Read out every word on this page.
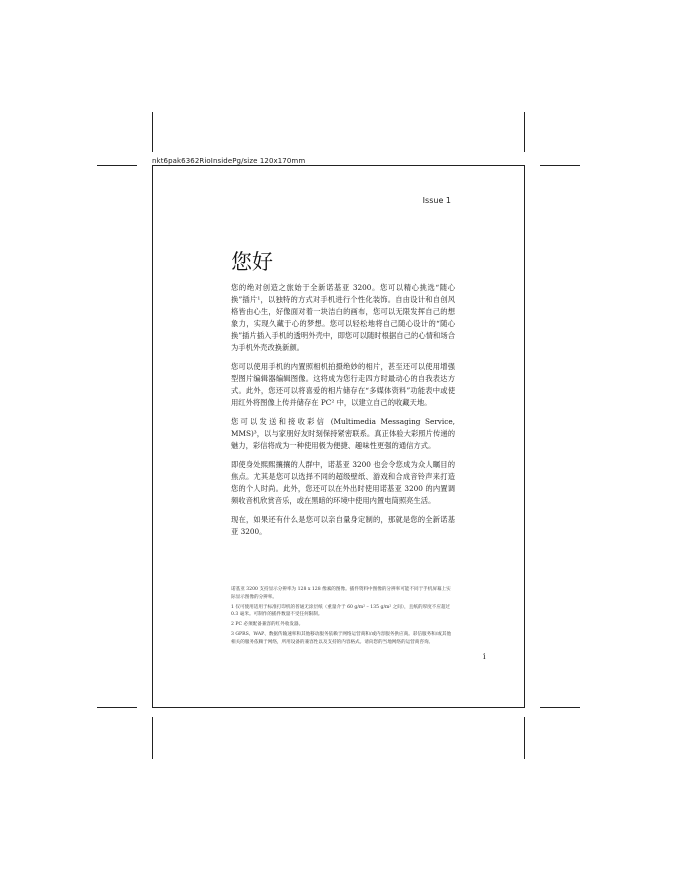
nkt6pak6362RioInsidePg/size 120x170mm
Issue 1
您好

您的绝对创造之旅始于全新诺基亚 3200。您可以精心挑选“随心换”插片¹，以独特的方式对手机进行个性化装饰。自由设计和自创风格皆由心生，好像面对着一块洁白的画布，您可以无限发挥自己的想象力，实现久藏于心的梦想。您可以轻松地将自己随心设计的“随心换”插片插入手机的透明外壳中，即您可以随时根据自己的心情和场合为手机外壳改换新颜。

您可以使用手机的内置照相机拍摄绝妙的相片，甚至还可以使用增强型图片编辑器编辑图像。这将成为您行走四方时最动心的自我表达方式。此外，您还可以将喜爱的相片储存在“多媒体资料”功能表中或使用红外将图像上传并储存在 PC² 中，以建立自己的收藏天地。

您可以发送和接收彩信 (Multimedia Messaging Service, MMS)³，以与家朋好友时刻保持紧密联系。真正体验大彩照片传递的魅力，彩信将成为一种使用极为便捷、趣味性更强的通信方式。

即使身处熙熙攘攘的人群中，诺基亚 3200 也会令您成为众人瞩目的焦点。尤其是您可以选择不同的超级壁纸、游戏和合成音铃声来打造您的个人时尚。此外，您还可以在外出时使用诺基亚 3200 的内置调频收音机欣赏音乐，或在黑暗的环境中使用内置电筒照亮生活。

现在，如果还有什么是您可以亲自量身定制的，那就是您的全新诺基亚 3200。

诺基亚 3200 支持显示分辨率为 128 x 128 像素的图像。插件资料中图像的分辨率可能不同于手机屏幕上实际显示图像的分辨率。

1 仅可使用适用于标准打印机的普通无涂层纸（重量介于 60 g/m² – 135 g/m² 之间），且纸的厚度不应超过 0.3 毫米。可制作的插件数量不受任何限制。

2 PC 必须配备兼容的红外收发器。

3 GPRS、WAP、数据传输速率和其他移动服务依赖于网络运营商和/或内容服务供应商。彩信服务和/或其他相关的服务依赖于网络，所用设备的兼容性以及支持的内容格式。请向您的当地网络的运营商咨询。

i
